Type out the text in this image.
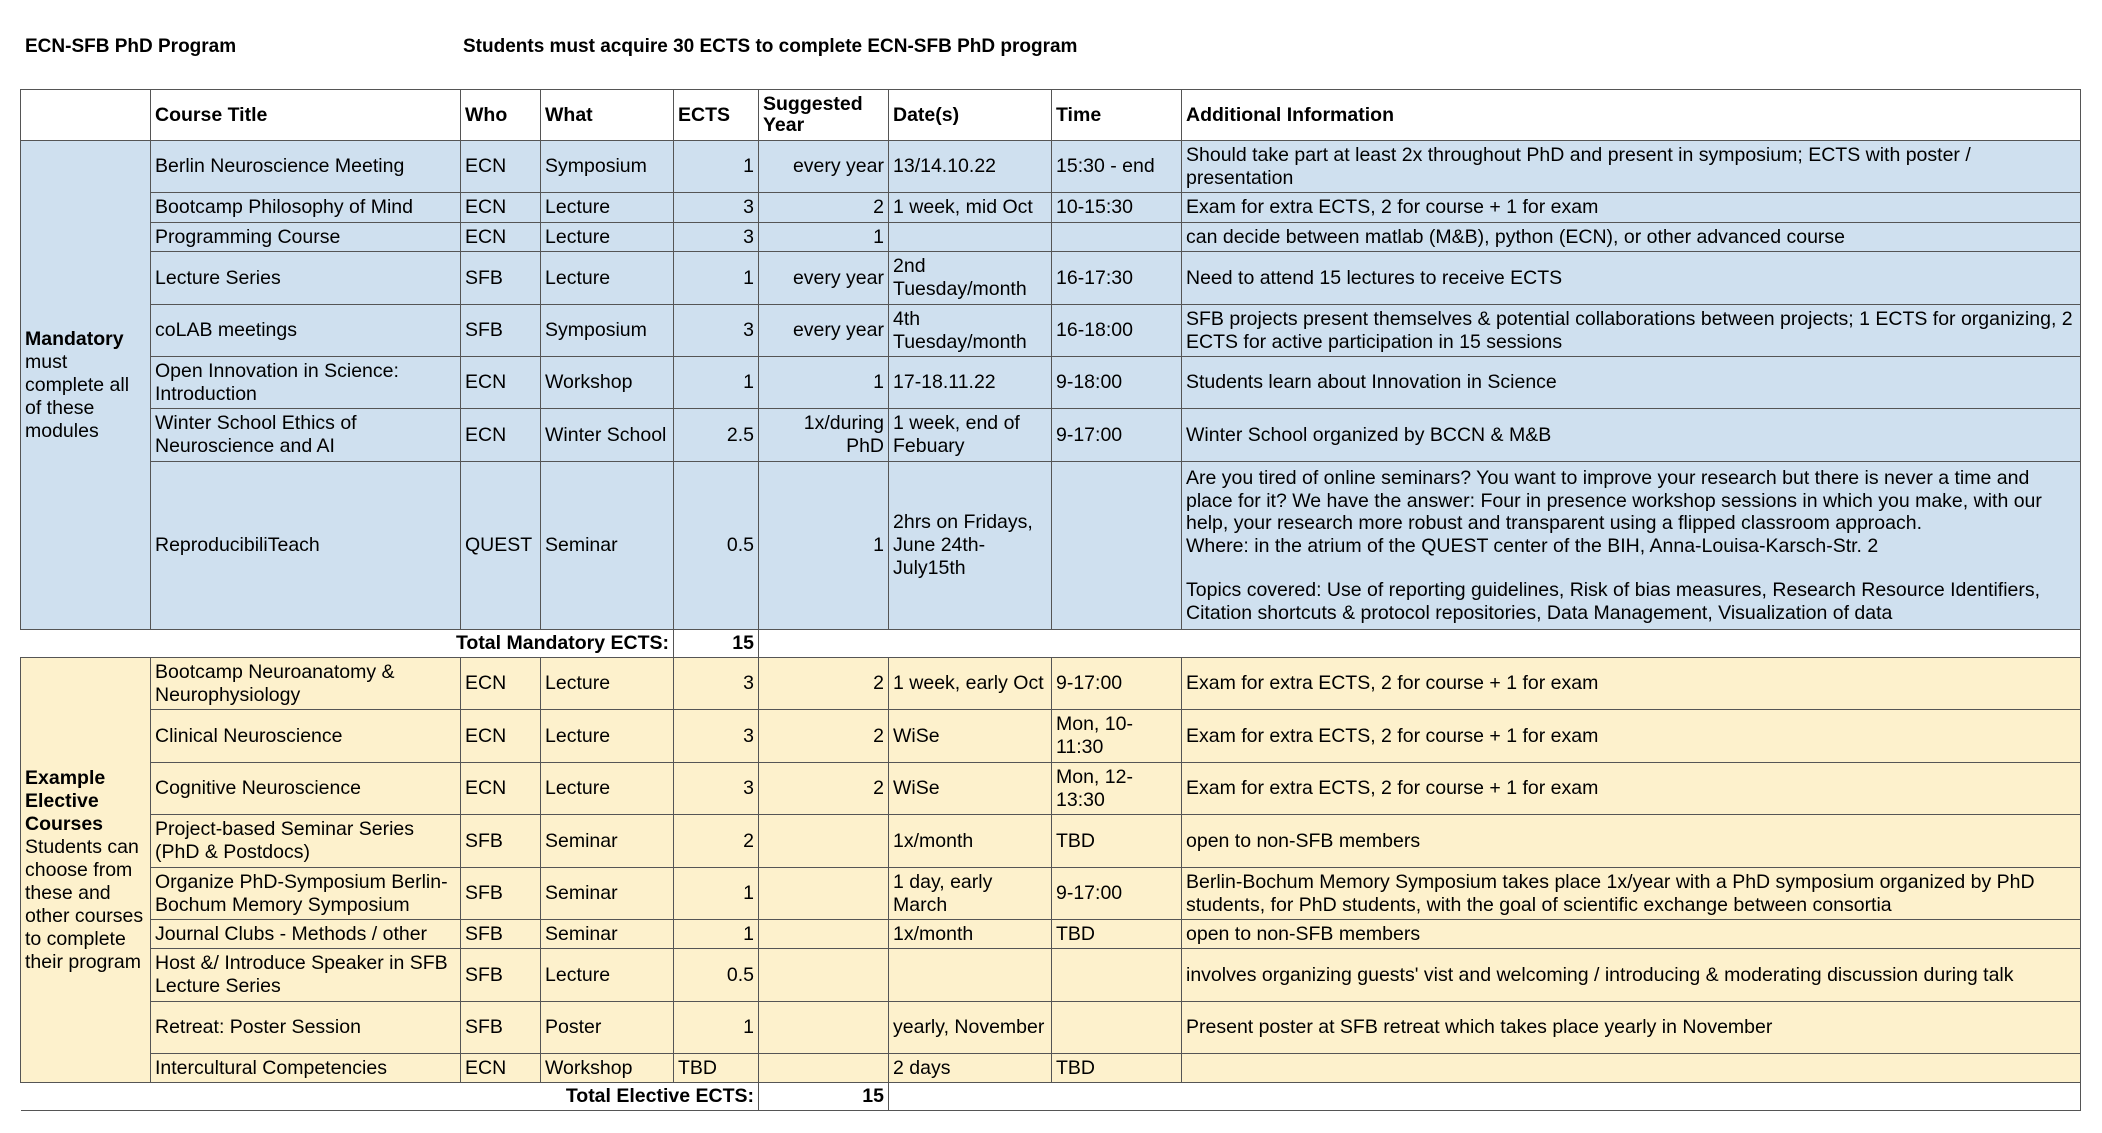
ECN-SFB PhD Program	Students must acquire 30 ECTS to complete ECN-SFB PhD program
	Course Title	Who	What	ECTS	Suggested Year	Date(s)	Time	Additional Information

Mandatory
must complete all of these modules	Berlin Neuroscience Meeting	ECN	Symposium	1	every year	13/14.10.22	15:30 - end	Should take part at least 2x throughout PhD and present in symposium; ECTS with poster / presentation
	Bootcamp Philosophy of Mind	ECN	Lecture	3	2	1 week, mid Oct	10-15:30	Exam for extra ECTS, 2 for course + 1 for exam
	Programming Course	ECN	Lecture	3	1			can decide between matlab (M&B), python (ECN), or other advanced course
	Lecture Series	SFB	Lecture	1	every year	2nd Tuesday/month	16-17:30	Need to attend 15 lectures to receive ECTS
	coLAB meetings	SFB	Symposium	3	every year	4th Tuesday/month	16-18:00	SFB projects present themselves & potential collaborations between projects; 1 ECTS for organizing, 2 ECTS for active participation in 15 sessions
	Open Innovation in Science: Introduction	ECN	Workshop	1	1	17-18.11.22	9-18:00	Students learn about Innovation in Science
	Winter School Ethics of Neuroscience and AI	ECN	Winter School	2.5	1x/during PhD	1 week, end of Febuary	9-17:00	Winter School organized by BCCN & M&B
	ReproducibiliTeach	QUEST	Seminar	0.5	1	2hrs on Fridays, June 24th-July15th		Are you tired of online seminars? You want to improve your research but there is never a time and place for it? We have the answer: Four in presence workshop sessions in which you make, with our help, your research more robust and transparent using a flipped classroom approach.
Where: in the atrium of the QUEST center of the BIH, Anna-Louisa-Karsch-Str. 2
Topics covered: Use of reporting guidelines, Risk of bias measures, Research Resource Identifiers, Citation shortcuts & protocol repositories, Data Management, Visualization of data

Total Mandatory ECTS:				15				

Example Elective Courses
Students can choose from these and other courses to complete their program	Bootcamp Neuroanatomy & Neurophysiology	ECN	Lecture	3	2	1 week, early Oct	9-17:00	Exam for extra ECTS, 2 for course + 1 for exam
	Clinical Neuroscience	ECN	Lecture	3	2	WiSe	Mon, 10-11:30	Exam for extra ECTS, 2 for course + 1 for exam
	Cognitive Neuroscience	ECN	Lecture	3	2	WiSe	Mon, 12-13:30	Exam for extra ECTS, 2 for course + 1 for exam
	Project-based Seminar Series (PhD & Postdocs)	SFB	Seminar	2		1x/month	TBD	open to non-SFB members
	Organize PhD-Symposium Berlin-Bochum Memory Symposium	SFB	Seminar	1		1 day, early March	9-17:00	Berlin-Bochum Memory Symposium takes place 1x/year with a PhD symposium organized by PhD students, for PhD students, with the goal of scientific exchange between consortia
	Journal Clubs - Methods / other	SFB	Seminar	1		1x/month	TBD	open to non-SFB members
	Host &/ Introduce Speaker in SFB Lecture Series	SFB	Lecture	0.5				involves organizing guests' vist and welcoming / introducing & moderating discussion during talk
	Retreat: Poster Session	SFB	Poster	1		yearly, November		Present poster at SFB retreat which takes place yearly in November
	Intercultural Competencies	ECN	Workshop	TBD		2 days	TBD	
Total Elective ECTS:					15			
